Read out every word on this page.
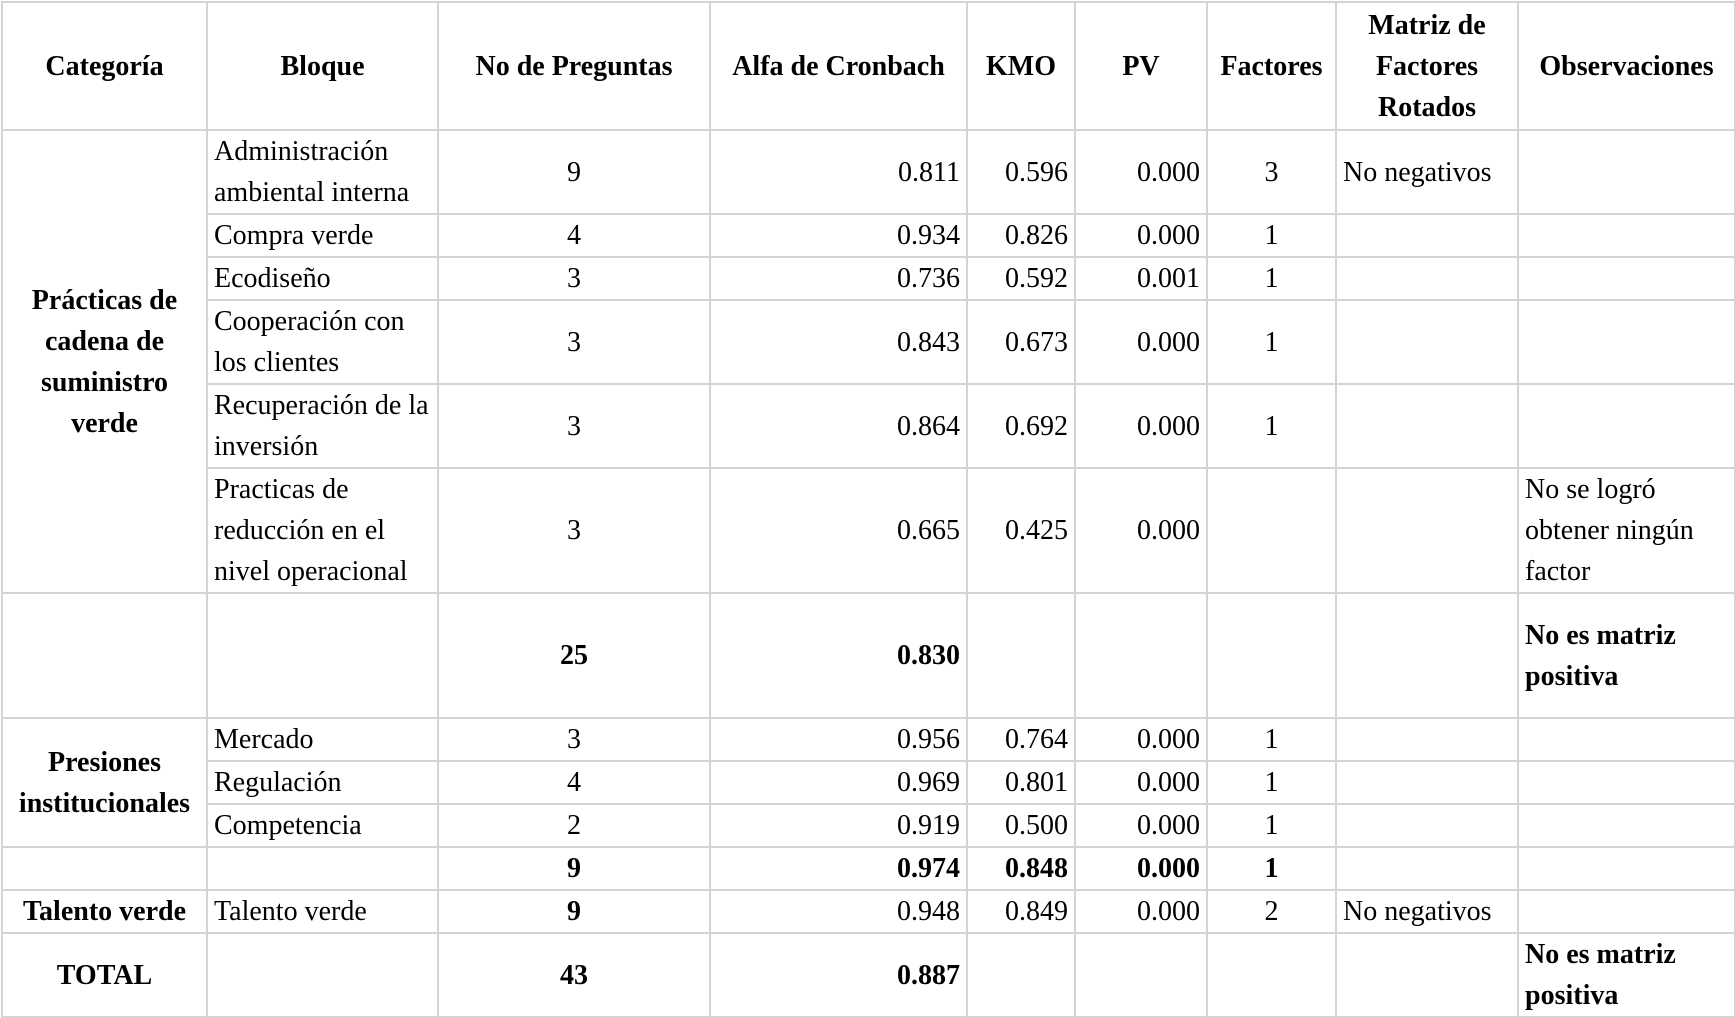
Categoría	Bloque	No de Preguntas	Alfa de Cronbach	KMO	PV	Factores	Matriz de Factores Rotados	Observaciones
Prácticas de cadena de suministro verde	Administración ambiental interna	9	0.811	0.596	0.000	3	No negativos	
	Compra verde	4	0.934	0.826	0.000	1		
	Ecodiseño	3	0.736	0.592	0.001	1		
	Cooperación con los clientes	3	0.843	0.673	0.000	1		
	Recuperación de la inversión	3	0.864	0.692	0.000	1		
	Practicas de reducción en el nivel operacional	3	0.665	0.425	0.000			No se logró obtener ningún factor
		25	0.830					No es matriz positiva
Presiones institucionales	Mercado	3	0.956	0.764	0.000	1		
	Regulación	4	0.969	0.801	0.000	1		
	Competencia	2	0.919	0.500	0.000	1		
		9	0.974	0.848	0.000	1		
Talento verde	Talento verde	9	0.948	0.849	0.000	2	No negativos	
TOTAL		43	0.887					No es matriz positiva
